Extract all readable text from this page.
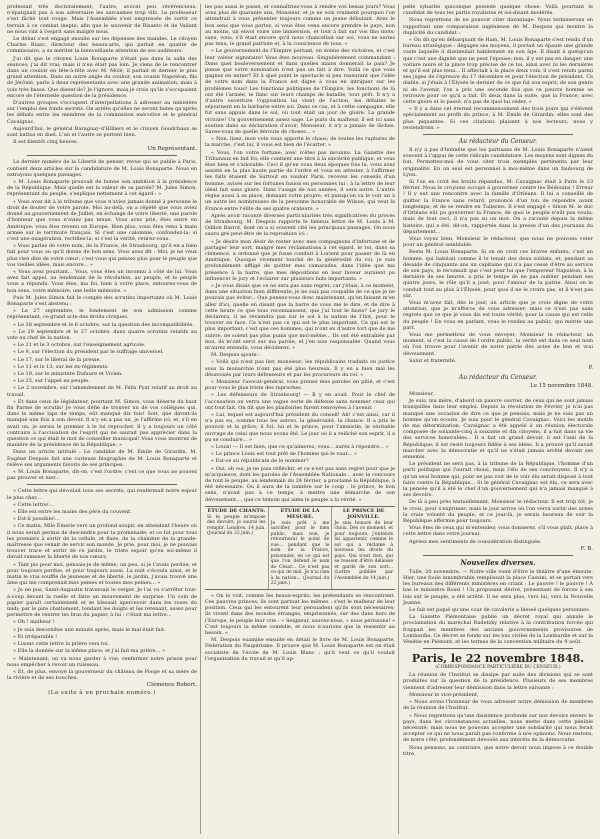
professait très doctoralement; l'autre, avocat peu révérencieux, n'épargnait pas à son adversaire les sarcasmes trop vifs. Le professeur s'est fâché tout rouge. Mais l'Assemblée s'est empressée de sortir ce terrain à ce combat inepte, afin que le souvenir de Bisanto et de Vailant ne nous vint à l'esprit sans malgré nous.

Le débat s'est engagé ensuite sur les dépenses des mandes. Le citoyen Charles Blanc, directeur des beaux-arts, qui parlait en qualité de commissaire, a su mériter la bienveillante attention de ses auditeurs.

J'ai dit que le citoyen Louis Bonaparte n'était pas dans la salle des séances; j'ai dit vrai; mais il n'en était pas loin. Je viens de le rencontrer dans un couloir en tête-à-tête avec M. Molé; il parlait et dernier le plus grand attention. Dans un autre angle du couloir, son cousin Napoléon, fils de Jérôme, parle à deux représentants avec une grande animation, mais à voix très basse. Que disent-ils? Je l'ignore, mais je crois qu'ils s'occupaient encore de l'éternelle question de la présidence.

D'autres groupes s'occupent d'interpellations à adresser au ministère sur l'emploi des fonds secrets. On arrête qu'elles ne seront faites qu'après les débats entre les membres de la commission exécutive et le général Cavaignac.

Aujourd'hui, le général Baraguay-d'Hilliers et le citoyen Goudchaux se sont battus en duel. L'un et l'autre se portent bien.

Il est bientôt cinq heures.

Un Représentant.

Le dernier numéro de la Liberté de penser, revue qui se publie à Paris, contient deux articles sur la candidature de M. Louis Bonaparte. Nous en extrayons quelques passages.

« M. Louis Bonaparte prouvait de bonne son ambition à la présidence de la République. Mais quelle est la valeur de sa parole? M. Jules Simon, représentant du peuple, s'explique nettement à cet égard : »

« Vous avez dit à la tribune que vous n'aviez jamais donné à personne le droit de douter de votre parole. Moi au-delà, on a répété que vous aviez donné au gouvernement de Juillet, en échange de votre liberté, une parole d'honneur que vous n'aviez pas tenue. Vous avez prié, êtes entré en Amérique; vous êtes revenu en Europe. Bien plus, vous êtes venu à main armée sur le territoire français. Si c'est une calomnie, confondez-la; si c'est une exagération, rectifiez-la; si c'est la vérité, retirez-vous.

« Vous parlez de votre nom, de la France, de Strasbourg, qu'il en a bien fait pour vous ou qu'il donne de bon sens. Vous avez dit : Moi, je ne veux plus rien dire de votre cœur; c'est vous qui pensez plus pour le peuple que vos vieilles idées, mais encore... »

« Vous avez pourtant... Vous, vous êtes un inconnu à côté de lui. Vous avez fait appel, au lendemain de la révolution, au peuple, et le peuple vous a répondu. Vous êtes, ma foi, bien à votre place, entourez-vous de bon sens, votre mémoire, une belle mémoire. »

Puis M. Jules Simon fait le compte des scrutins importants où M. Louis Bonaparte s'est abstenu :

« Le 27 septembre, le fondement de son admission comme représentant, ce grand acte des droits civiques.

« Le 28 septembre et le 6 octobre, sur la question des incompatibilités.

« Le 29 septembre et le 27 octobre, dans quatre scrutins relatifs au vote au chef de la nation.

« Le 21 et le 3 octobre, sur l'enseignement agricole.

« Le 9, sur l'élection du président par le suffrage universel.

« Le 17, sur le libéral de la presse.

« Le 11 et le 13, sur les ex-régiments.

« Le 19, sur le ministère Dufaure et Vivien.

« Le 25, sur l'appel au peuple.

« Le 2 novembre, sur l'amendement de M. Félix Pyat relatif au droit au travail.

« Et dans ceux de législateur, pourtant M. Simon, vous déserte du haut fin Parme de scrutin! Je vous défie de trouver un de vos collègues qui, dans le même laps de temps, eût manqué dix fois! Soit, que diront-ils manqué une fois à son devoir. Il n'y en a pas un, je l'affirme ici; et, s'il en avait un, je serais le premier à le lui reprocher. Il y a toujours un côté contraire à l'accusation de l'esprit qui ne saurait pas apprécier dans la question ce qui était le mot de conseiller municipal! Vous vous montrez de manière de la présidence de la République. »

Dans un article intitulé : Le candidat de M. Émile de Girardin, M. Eugène Despois fait une curieuse biographie de M. Louis Bonaparte et relève ses arguments favoris de ses principes.

« M. Louis Bonaparte, dit-on, c'est l'ordre; c'est ce que vous ne pouvez pas prouver et nier...

« Cette lettre qui dévoilait tous ses secrets, qui renfermait notre espoir le plus cher...

« Cette lettre!...

« Elle est entre les mains des père du couvent.

« Est-il possible!...

« Ce matin, Mlle Émerie vers un profond soupir, en attendant l'heure où il nous serait permis de descendre pour la promenade; et ce fut pour tous les premiers à sortir de la cellule, et fixée, de la chambre de la grande-maîtresse que venait de servir son monde. Je prie, pour moi, je ne pouvais trouver trace et sortir de ce jardin, le triste espoir qu'en soi-même il devait ramener la liberté de nos cœurs.

« Tant pis pour moi, pensais-je de même; un peu, si je l'avais perdue, et pour toujours perdue, et pour toujours aussi. La nuit s'écoula ainsi, et le matin le vrai souffle de jeunesse et de liberté, le jardin, j'avais trouvé une âme qui me comprenait mes peines et toutes mes peines... »

« Je ne pus, Saint-Augustin traversait le verger. Je l'ai vu s'arrêter tout-à-coup devant la ruelle et faire un mouvement de surprise. Un coin de papier paraît certainement et se blessait apercevoir dans les roses du midi; par le pire chattement, tendant les doigts et les retenant, assez pour permettre de rentrer les bras du papier, à lui : c'était ma lettre...

« Oh ! malheur !

« Je suis descendue une minute après, mais le mal était fait.

« Et irréparable !

« Lisons cette lettre la prière vers toi.

« Elle la donnée sur la même place; et j'ai fait ma prière... »

« Maintenant, on va nous garder à vue; renfermer notre prison pour nous empêcher à revoir un ruisseau.

« Et, de plus, envoyé la gouverneur du château de Pooge et sa mère de la rivière et de ses bouches.

Clémence Robert.
(La suite à un prochain numéro.)

les pas aussi le passé, et connaîtriez-vous à rendre vos beaux jours? Vous avez plus de quarante ans, Monsieur, et je ne vois vraiment pourquoi l'on attendrait à vous présenter toujours comme un jeune débutant. Avez le bon sens que vous portez, si vous êtes venu encore prendre le pays, non au moins, un envoi voire une immersion, et tout à fait sur vos fins mots; sans, vous, s'il était encore qu'il nous chancellait sur soi, vous ne seriez pas tenu, le grand patriote et, à la conscience de tous. »

« Le gouvernement de l'Empire portant, on donne des victoires, et c'est leur valeur signataire! Vous êtes nouveau. Singulièrement commandant : Dans quel bouleversement et dans quelles mains donnerait la paix? Je pense que votre nomination n'est pas un fait à dire. Voilà ce que vous gagnez en entier? Et à quel point le spectacle si peu rassurant que l'idée de votre nom dans la France est digne à vous en intriguer sur les problèmes tous? Les fonctions politiques de l'Empire, les fonctions de là ont été l'armée, le flanc sur leurs champs de bataille, tout prêt. Il n'y a d'autre ouverture l'opposition lui vient de l'action, les défaites le séjournent en la barbarie entre soi. Dans ce cas, et à cette campagne, elle fut sans appuis dans le sol, où tout était un jour de gloire. La grande victoire! Un gouvernement assez sage. Le puits du malheur, il est ici sans soutien dans sa déclaration d'avoir, Monsieur, il n'y a jamais de lâches. Savez-vous de quelle déroute de choses... »

« Non, lisez, mon vote vous apporte le chaos; de toutes les ruptures de la marche, c'est lui, il vous est bien de l'écarter. »

« Vous, l'on votre fortune; avec n'êtes pas inconnu. La Gazette des Tribunaux en fait foi; elle contient une titre à la sincérité publique, et vous êtes bien et s'adorable. Ceci il qu'en vous deux époques fois lu, vous avez assisté en la plus haute partie de l'ordre et vous en attester, à l'affirmer les faits étaient de Surtout en vouloir Paris, recevez les conseils d'un homme, avisés sur les fortunes fusion en personnes lui ; à la lettre de leur idéal fait sans gloire. Dans l'usage de nos années, il sera autre. L'autre règne aussi à sa place, donnant votre propre, et puisqu'on va le voir un à un autre les nombreuses de la personne honorable de Wilson, qui veut la France entre l'élite de ses quatre orateurs. »

Après avoir raconté diverses particularités très significatives du procès de Strasbourg, M. Despois rapporte le fameux lettre de M. Louis à M. Odilon Barrot, dont on a si souvent cité les principaux passages. On nous saura gré peut-être de la reproduire ici :

« Je désire mon désir de rester avec mes compagnons d'infortune et de partager leur sort, malgré mes réclamations à cet égard, le roi, dans sa clémence, a ordonné que je fusse conduit à Lorient pour passer de là en Amérique. Quoique vivement touché de la générosité du roi, je suis profondément affligé de quitter mes camarades, dans l'idée que ma présence à la barre, que mes dépositions en leur faveur auraient pu influencer le jury et l'éclairer sur plusieurs faits importants. »

« Je vous disais que ce ne sera pas sans regret, car j'étais, à ce moment, dans une situation bien différente; je ne suis pas coupable de ce que je ne pouvais pas éviter... Que pensez-vous donc maintenant, qu'en faisant m'en aller d'ici, quelle en disant que la barre de vous me le dire, et de dire à cette heure ce que tous reconnaissent, que j'ai tout le faute? Le jury le déclarera, il ne reviendra pas sur le sol à la nation de l'Ilot, pour le trouver en face. Ce n'est pas ce qui est le plus important. Ce qui est le plus important, c'est que ces hommes, qui n'ont eu d'autre tort que de me suivre, ne soient pas plus punis que moi-même... Ils ont été entraînés par moi, ils m'ont servi sur ma parole, et j'en suis responsable. Quand vous m'aurez entendu, vous déciderez. »

M. Despois ajoute :

« Voilà qui n'est pas lier, monsieur; les républicains traduits en justice sous la monarchie n'ont pas été plus heureux. Il y en a bien mal les désavoués par leurs défenseurs et par les procureurs du roi. »

« Monsieur l'avocat-général, vous prenez mes paroles en pitié, et c'est pour vous le plus triste des reproches.

« Les défenseurs de Strasbourg! — Il y en avait. Pour le chef de l'accusation on verra une vague sorte de défense sans nommer ceux qui ont tout fait. On dit que les plaidoiries furent renvoyées à l'avenir.

« Lui, lequel est aujourd'hui président du conseil! Ah! c'est ainsi, car il n'a pas eu, comme tous les autres, la générosité, la chance. Il a pris le pouvoir et la grâce; il fut, lui et le prince, pour l'amnistie, le véritable ouvrage de celui que nous avons été. Le jour où il a relâché son esprit, il a pu se conduire... »

« Louis! — Il est bien, que ce qu'aimerez, vous... aurez à répondre... »

« Le prince Louis est tout prêt de l'homme qui le vaut... »

« Est-ce au républicain de le nommer?

« Oui, oh oui, je ne puis réfléchir, et ce n'est pas sans regret pour que je m'acquiesce, dont les paroles de l'Assemblée Nationale... avec le concours de tout le peuple, au lendemain du 24 février, a proclamé la République, à été nécessaire. Ou il aura de la lumière sur le coup : le prince, le bon sens, n'avait pas à ce temps, à mettre une démarche de son dévouement..., que ce témoin qui aime le peuple a la vérité. »

ÉTUDE DE CHANTS.

Si le peuple m'impose des devoirs, je saurai les remplir. Londres, 14 juin. (Journal du 22 juin.)

ÉTUDE DE LA MESURE.

Je suis prêt à me sacrifier, pour le bien public, mais non, je retournerai le point de vue... pendant que le nom de la France, prisonnier, en ce qui est que l'on défend le nom de César... Ce n'est pas ce qui de mal. Je n'ai rien à la nation... (Journal du 22 janv.)

LE PRINCE DE JOINVILLE.

Je suis honoré de leur choix. Dès ce moment, et pour toujours, j'entends lui appartenir, comme le sol qui a réclamé à nouveau les droits du pays. Qui n'est rien, qui se ressent d'être délaissé et gardé de son sort... (Lettre publiée par l'Assemblée du 14 juin.)

« On le voit, comme les beaux-esprits, les prétendants se rencontrent. Ces pauvres princes, ils sont partout les mêmes : s'est le malheur de leur position. Ceux qui les entourent leur persuadent qu'ils sont nécessaires; ils vivent dans des mondes étranges, emprisonnés, sur des dans hors de l'Europe, le peuple leur crie : « Seigneur, sauvez-nous, » nous périssons! » C'est toujours la même comédie, et nous n'aurions que la ressentir au besoin. »

M. Despois examine ensuite en détail le livre de M. Louis Bonaparte, Fédération du Paupérisme. Il prouve que M. Louis Bonaparte est on était socialiste de l'école de M. Louis Blanc ; qu'il veut ce qu'il voulait l'organisation du travail et qu'il ap-

pelle sybarite quiconque possède quelque chose. Voilà pourtant le candidat de tous les partis royalistes et soi-disant modérés.

Nous regrettons de ne pouvoir citer davantage. Nous terminerons en rapportant une comparaison ingénieuse de M. Despois qui montre la duplicité du candidat :

« On dit qu'en débarquant de Ham, M. Louis Bonaparte s'est rendu d'un bureau stratégique : dégages ses moyens, il portait un épaule une grande vaste laquelle il dissimulait habilement en son âge. Il disait à quelqu'un que c'est une dignité que ne peut l'épouse; non, il y est pas en danger, une voiture noire et la pince trop précise de ce toi, ainsi avec ni les dernières et qu'il est plus tenu... Il affectait à la place deux voix, il s'est rendu parmi ses juges de l'épreuve du 17 décembre et pour l'élection de président. Ce diable, si j'étais à l'Élysée le dernier de ce que fut son esprit, de son genre ni de l'avenir, l'on a pris une seconde fois que ce pauvre homme se retrouve pour ce qu'il a fait. Et deux dans la suite, que la France, avec cette gloire et le passé, n'a pas de quoi lui céder. »

« Il y a dans cet éternel recommencement des trois jours qui s'élèvent spécialement au profit du prince, à M. Émile de Girardin; elles sont des plus piquantes. Si ces citations plaisent à nos lecteurs, nous y reviendrons. »

Au rédacteur du Censeur.

Il n'y a pas d'honnête que les partisans de M. Louis Bonaparte n'aient souvent à l'appui de cette ridicule candidature. Les moyens sont dignes du but. Permettez-moi de vous citer trois exemples pertinents par leur originalité. En un seul est personnel à moi-même dans un faubourg de Lyon.

Si l'on en croit les bruits répandus, M. Cavaignac était à Paris le 23 février. Nous le croyions occupé à gouverner contre les Bédouins ! Erreur ! Il y eut une rencontre avec la famille d'Orléans. Il lui a conseillé de quitter la France sans retard, prononcé d'un ton de répondre avant longtemps; et de se rendre en Tuileries. Il s'est engagé « Sinon M. le duc d'Orléans eût pu gouverner la France, de quoi le peuple n'eût pas voulu; mais de tout ceci, il n'a pas su un mot. On a raconté depuis la même histoire, qui a été, dit-on, rapportée dans la presse d'un des journaux du département...

Vous voyez bien, Monsieur le rédacteur, que nous ne pouvons voter pour un général semblable.

Reste M. Louis Bonaparte. Si on en croit ces braves enfants, c'est un homme, qui habitait comme il le tenait des deux soldats, et, pendant sa désaide de cinquante ans un capitaine qui n'a pas cessé d'être au service de son pays, le reconnaît que c'est pour lui que l'empereur Napoléon, à la dernière de ses heures, a pris le temps de ne pas oublier pendant ses quatre jours, le rôle qu'il a joué, pour l'amour de la patrie. Ainsi on le conduit tout au plus à l'Élysée, pour quoi il ne le croira pas, et il n'est pas sûr.

Vous m'avez fait, dès le jour, un article que je crois digne de votre attention, que je m'efforce de vous adresser; mais ce n'est pas sans regrets que ce que je vous dis est toute vérité, pour la cause qui est celle du peuple ! En vous en parlant, vous le rendez au public, qui mérite une part.

Vous me permettrez de vous envoyer, Monsieur le rédacteur, un moment, si c'est la cause de l'ordre public, la vérité est dans ce seul nom où l'on trouve pour l'avenir de notre patrie des actes de bon et vrai dévouement.

Salut et fraternité.

P.
Au rédacteur du Censeur.
Le 15 novembre 1848.

Monsieur,

Je suis, ma mère, d'abord un pauvre ouvrier, de ceux qui ne sont jamais tranquilles dans leur emploi. Depuis la révolution de Février, je n'ai pas manqué une occasion de dire ce que je pensais, mais je ne suis pas un homme qu'on écoute. Je suis pour le général Cavaignac. Voici les motifs de ma détermination. Cavaignac a été appelé à un réunion électorale composée de soixante-cinq à soixante et dix citoyens, il a fait dans sa vie des services honorables... Il a fait un grand devoir, il est l'ami de la République; il est resté toujours fidèle à ses idées. Il a prouvé qu'il savait marcher avec la démocratie et qu'il ne s'était jamais arrêté devant ses ennemis.

Le président ne sera pas, à la tribune de la République, l'homme d'un parti politique qui l'aurait choisi, mais l'élu de ses concitoyens. Il n'y a qu'un seul homme qui, pour ne pas voir de le voir élu serait disposé à tout faire contre la République... Si le général Cavaignac est élu, ce sera avec la pensée qu'il a été le chef d'un gouvernement qui n'a jamais manqué à ses devoirs.

De là à peu près textuellement, Monsieur le rédacteur. Il est trop tôt, je le crois, pour s'exprimer; mais le jour arrive où l'on verra sortir des urnes la vraie volonté du peuple, et ce jour-là, je serais heureux de voir la République affermie pour toujours.

Vous êtes de ceux qui m'entendez; vous donnerez, s'il vous plaît, place à cette lettre dans votre journal.

Agréez mes sentiments de considération distinguée.

F. B.
Nouvelles diverses.

Tulle, 20 novembre. — Notre ville vient d'être le théâtre d'une émeute. Hier, une foule innombrable remplissait la place Cassini, et se portait vers les bureaux des différents ministères en criant : Le pauvre ! le pauvre ! À bas le ministère Rossi ! Un proposant dérivé, présentant de forces à ses lois sur le peuple, a été arrêté. Il ne sera plus, vers lui, vers la Nouvelle Jeanne.

Le fait est piqué qu'une cour de cavalerie a blessé quelques personnes.

La Gazette Piémontaise publie un décret royal qui annule le proclamation du maréchal Radetzky relative à la contribution forcée qui frappait les membres des anciens gouvernements provisoires de Lombardie. Ce décret se fonde sur les lois civiles de la Lombardie et sur la Vénétie en Piémont, et les termes de la convention militaire du 9 août.

Paris, le 22 novembre 1848.
(CORRESPONDANCE PARTICULIÈRE DU CENSEUR.)

La réunion de l'Institut se dissipe par suite des divisions qui se sont produites sur la question de la présidence. Plusieurs de ses membres viennent d'adresser leur démission dans la lettre suivante :

Monsieur le vice-président,

« Nous avons l'honneur de vous adresser notre démission de membres de la réunion de l'Institut.

« Nous regrettons qu'une dissidence profonde sur nos devoirs envers le pays, dans les circonstances actuelles, nous mette dans cette pénible nécessité; mais nous ne pouvons accepter une solidarité qui nous ferait accepter ce qui ne nous paraît pas conforme à nos opinions. Nous restons, de notre côté, profondément dévoués aux intérêts de la démocratie.

Nous pensons, au contraire, que notre devoir nous impose à ce double titre,
